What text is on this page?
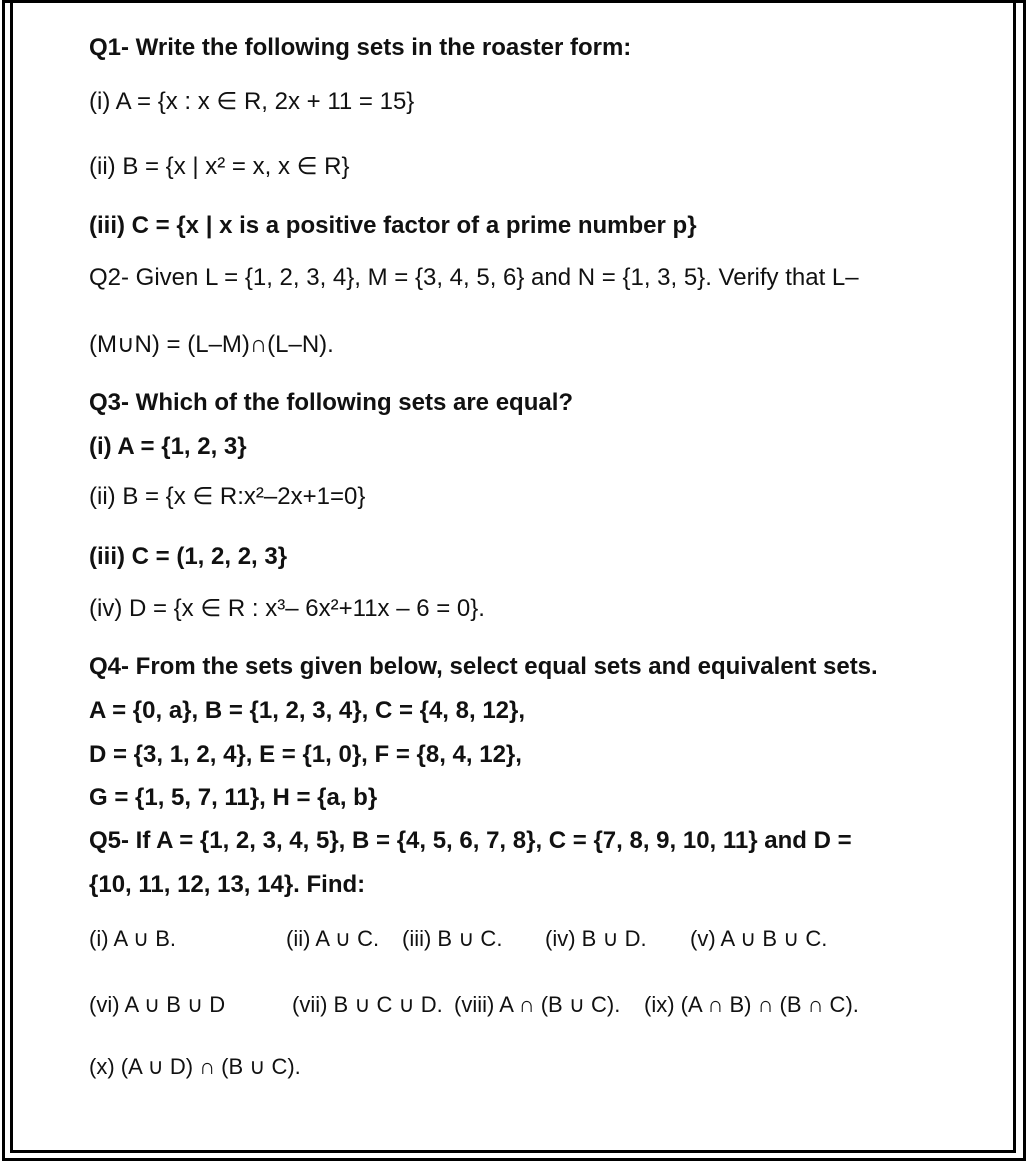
Q1- Write the following sets in the roaster form:
(i) A = {x : x ∈ R, 2x + 11 = 15}
(ii) B = {x | x² = x, x ∈ R}
(iii) C = {x | x is a positive factor of a prime number p}
Q2- Given L = {1, 2, 3, 4}, M = {3, 4, 5, 6} and N = {1, 3, 5}. Verify that L–
(M∪N) = (L–M)∩(L–N).
Q3- Which of the following sets are equal?
(i) A = {1, 2, 3}
(ii) B = {x ∈ R:x²–2x+1=0}
(iii) C = (1, 2, 2, 3}
(iv) D = {x ∈ R : x³– 6x²+11x – 6 = 0}.
Q4- From the sets given below, select equal sets and equivalent sets.
A = {0, a}, B = {1, 2, 3, 4}, C = {4, 8, 12},
D = {3, 1, 2, 4}, E = {1, 0}, F = {8, 4, 12},
G = {1, 5, 7, 11}, H = {a, b}
Q5- If A = {1, 2, 3, 4, 5}, B = {4, 5, 6, 7, 8}, C = {7, 8, 9, 10, 11} and D =
{10, 11, 12, 13, 14}. Find:
(i) A ∪ B.	(ii) A ∪ C. (iii) B ∪ C. (iv) B ∪ D. (v) A ∪ B ∪ C.
(vi) A ∪ B ∪ D	(vii) B ∪ C ∪ D. (viii) A ∩ (B ∪ C). (ix) (A ∩ B) ∩ (B ∩ C).
(x) (A ∪ D) ∩ (B ∪ C).
